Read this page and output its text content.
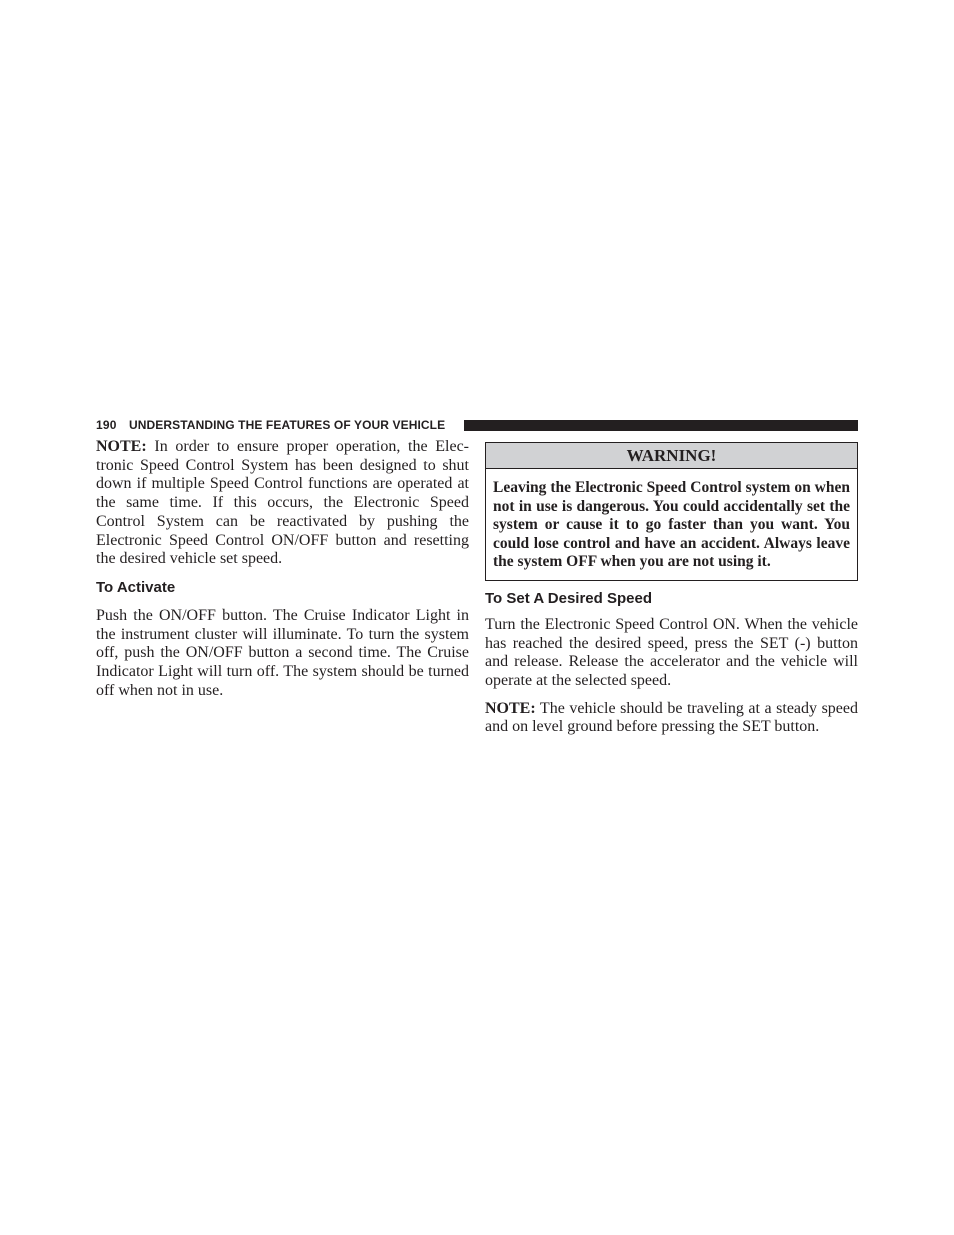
190 UNDERSTANDING THE FEATURES OF YOUR VEHICLE

NOTE: In order to ensure proper operation, the Electronic Speed Control System has been designed to shut down if multiple Speed Control functions are operated at the same time. If this occurs, the Electronic Speed Control System can be reactivated by pushing the Electronic Speed Control ON/OFF button and resetting the desired vehicle set speed.

To Activate

Push the ON/OFF button. The Cruise Indicator Light in the instrument cluster will illuminate. To turn the system off, push the ON/OFF button a second time. The Cruise Indicator Light will turn off. The system should be turned off when not in use.

WARNING!
Leaving the Electronic Speed Control system on when not in use is dangerous. You could accidentally set the system or cause it to go faster than you want. You could lose control and have an accident. Always leave the system OFF when you are not using it.
To Set A Desired Speed

Turn the Electronic Speed Control ON. When the vehicle has reached the desired speed, press the SET (-) button and release. Release the accelerator and the vehicle will operate at the selected speed.

NOTE: The vehicle should be traveling at a steady speed and on level ground before pressing the SET button.
